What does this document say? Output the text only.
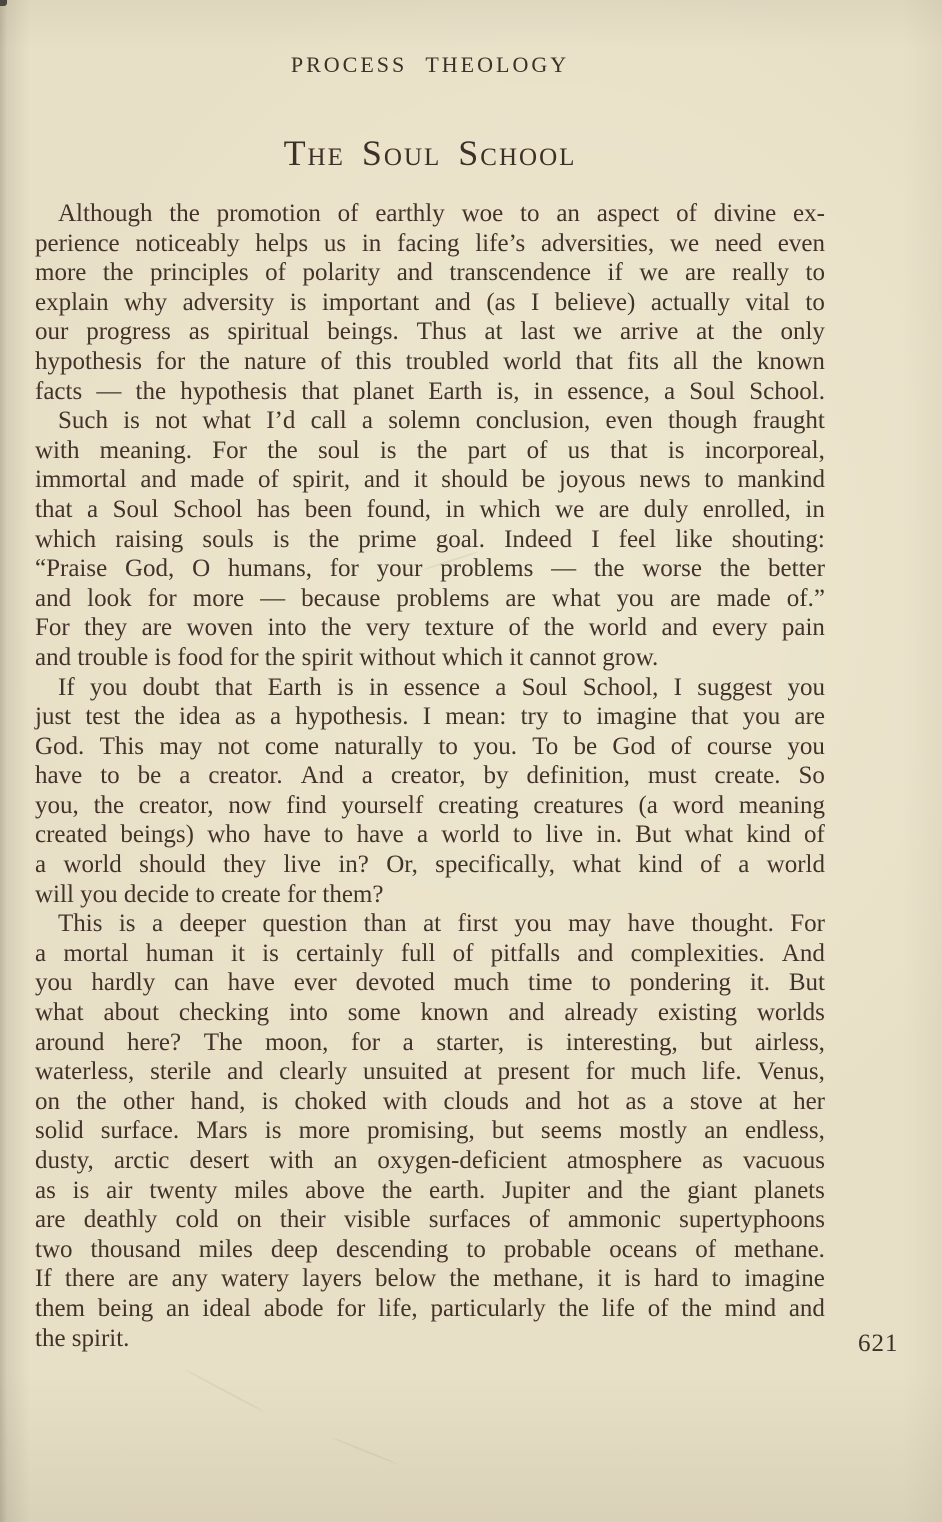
PROCESS THEOLOGY
The Soul School
Although the promotion of earthly woe to an aspect of divine ex-
perience noticeably helps us in facing life’s adversities, we need even
more the principles of polarity and transcendence if we are really to
explain why adversity is important and (as I believe) actually vital to
our progress as spiritual beings. Thus at last we arrive at the only
hypothesis for the nature of this troubled world that fits all the known
facts — the hypothesis that planet Earth is, in essence, a Soul School.
Such is not what I’d call a solemn conclusion, even though fraught
with meaning. For the soul is the part of us that is incorporeal,
immortal and made of spirit, and it should be joyous news to mankind
that a Soul School has been found, in which we are duly enrolled, in
which raising souls is the prime goal. Indeed I feel like shouting:
“Praise God, O humans, for your problems — the worse the better
and look for more — because problems are what you are made of.”
For they are woven into the very texture of the world and every pain
and trouble is food for the spirit without which it cannot grow.
If you doubt that Earth is in essence a Soul School, I suggest you
just test the idea as a hypothesis. I mean: try to imagine that you are
God. This may not come naturally to you. To be God of course you
have to be a creator. And a creator, by definition, must create. So
you, the creator, now find yourself creating creatures (a word meaning
created beings) who have to have a world to live in. But what kind of
a world should they live in? Or, specifically, what kind of a world
will you decide to create for them?
This is a deeper question than at first you may have thought. For
a mortal human it is certainly full of pitfalls and complexities. And
you hardly can have ever devoted much time to pondering it. But
what about checking into some known and already existing worlds
around here? The moon, for a starter, is interesting, but airless,
waterless, sterile and clearly unsuited at present for much life. Venus,
on the other hand, is choked with clouds and hot as a stove at her
solid surface. Mars is more promising, but seems mostly an endless,
dusty, arctic desert with an oxygen-deficient atmosphere as vacuous
as is air twenty miles above the earth. Jupiter and the giant planets
are deathly cold on their visible surfaces of ammonic supertyphoons
two thousand miles deep descending to probable oceans of methane.
If there are any watery layers below the methane, it is hard to imagine
them being an ideal abode for life, particularly the life of the mind and
the spirit.	621
